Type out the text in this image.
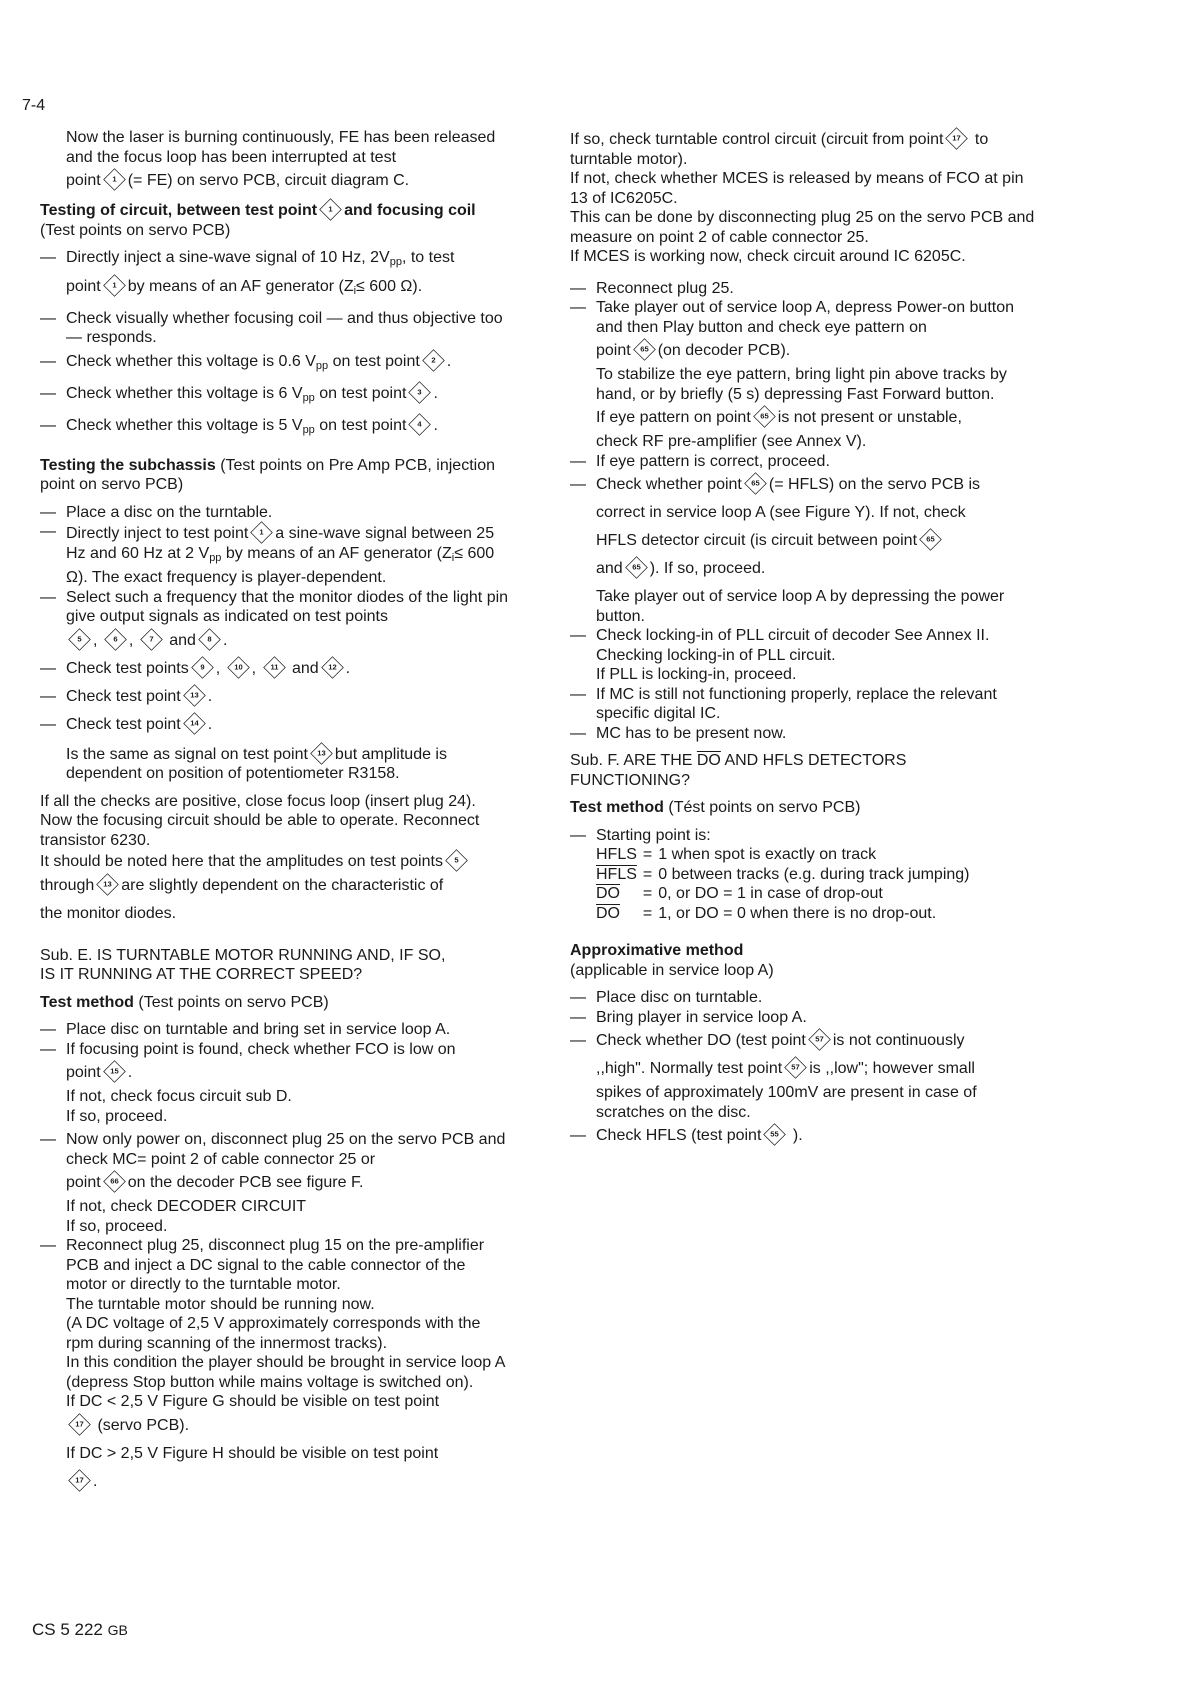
7-4

Now the laser is burning continuously, FE has been released and the focus loop has been interrupted at test

point	1 (= FE) on servo PCB, circuit diagram C.

Testing of circuit, between test point	1 and focusing coil

(Test points on servo PCB)

— Directly inject a sine-wave signal of 10 Hz, $2V_{pp}$, to test

point	1 by means of an AF generator ($Z_i\le 600$ Ω).

— Check visually whether focusing coil — and thus objective too — responds.

— Check whether this voltage is 0.6 $V_{pp}$ on test point	2 .

— Check whether this voltage is 6 $V_{pp}$ on test point	3 .

— Check whether this voltage is 5 $V_{pp}$ on test point	4 .

Testing the subchassis (Test points on Pre Amp PCB, injection point on servo PCB)

— Place a disc on the turntable.

— Directly inject to test point	1 a sine-wave signal between 25 Hz and 60 Hz at 2 $V_{pp}$ by means of an AF generator ($Z_i\le 600$ Ω). The exact frequency is player-dependent.

— Select such a frequency that the monitor diodes of the light pin give output signals as indicated on test points

5 ,	6 ,	7 and	8 .

— Check test points	9 , 10 , 11 and 12 .

— Check test point 13 .

— Check test point 14 .

Is the same as signal on test point 13 but amplitude is dependent on position of potentiometer R3158.

If all the checks are positive, close focus loop (insert plug 24). Now the focusing circuit should be able to operate. Reconnect transistor 6230.

It should be noted here that the amplitudes on test points	5

through 13 are slightly dependent on the characteristic of

the monitor diodes.

Sub. E. IS TURNTABLE MOTOR RUNNING AND, IF SO,

IS IT RUNNING AT THE CORRECT SPEED?

Test method (Test points on servo PCB)

— Place disc on turntable and bring set in service loop A.

— If focusing point is found, check whether FCO is low on

point 15 .

If not, check focus circuit sub D.

If so, proceed.

— Now only power on, disconnect plug 25 on the servo PCB and check MC= point 2 of cable connector 25 or

point 66 on the decoder PCB see figure F.

If not, check DECODER CIRCUIT

If so, proceed.

— Reconnect plug 25, disconnect plug 15 on the pre-amplifier PCB and inject a DC signal to the cable connector of the motor or directly to the turntable motor.

The turntable motor should be running now.

(A DC voltage of 2,5 V approximately corresponds with the rpm during scanning of the innermost tracks).

In this condition the player should be brought in service loop A (depress Stop button while mains voltage is switched on).

If DC < 2,5 V Figure G should be visible on test point

17 (servo PCB).

If DC > 2,5 V Figure H should be visible on test point

17 .

If so, check turntable control circuit (circuit from point 17 to turntable motor).

If not, check whether MCES is released by means of FCO at pin 13 of IC6205C.

This can be done by disconnecting plug 25 on the servo PCB and measure on point 2 of cable connector 25.

If MCES is working now, check circuit around IC 6205C.

— Reconnect plug 25.

— Take player out of service loop A, depress Power-on button and then Play button and check eye pattern on

point 65 (on decoder PCB).

To stabilize the eye pattern, bring light pin above tracks by hand, or by briefly (5 s) depressing Fast Forward button.

If eye pattern on point 65 is not present or unstable,

check RF pre-amplifier (see Annex V).

— If eye pattern is correct, proceed.

— Check whether point 65 (= HFLS) on the servo PCB is

correct in service loop A (see Figure Y). If not, check

HFLS detector circuit (is circuit between point 65

and 65 ). If so, proceed.

Take player out of service loop A by depressing the power button.

— Check locking-in of PLL circuit of decoder See Annex II. Checking locking-in of PLL circuit.

If PLL is locking-in, proceed.

— If MC is still not functioning properly, replace the relevant specific digital IC.

— MC has to be present now.

Sub. F. ARE THE $\overline{DO}$ AND HFLS DETECTORS

FUNCTIONING?

Test method (Tést points on servo PCB)

— Starting point is:

HFLS	=	1 when spot is exactly on track
HFLS	=	0 between tracks (e.g. during track jumping)
$\overline{DO}$	=	0, or DO = 1 in case of drop-out
$\overline{DO}$	=	1, or DO = 0 when there is no drop-out.

Approximative method

(applicable in service loop A)

— Place disc on turntable.

— Bring player in service loop A.

— Check whether DO (test point 57 is not continuously

,,high". Normally test point 57 is ,,low"; however small

spikes of approximately 100mV are present in case of scratches on the disc.

— Check HFLS (test point 55 ).

CS 5 222 GB
